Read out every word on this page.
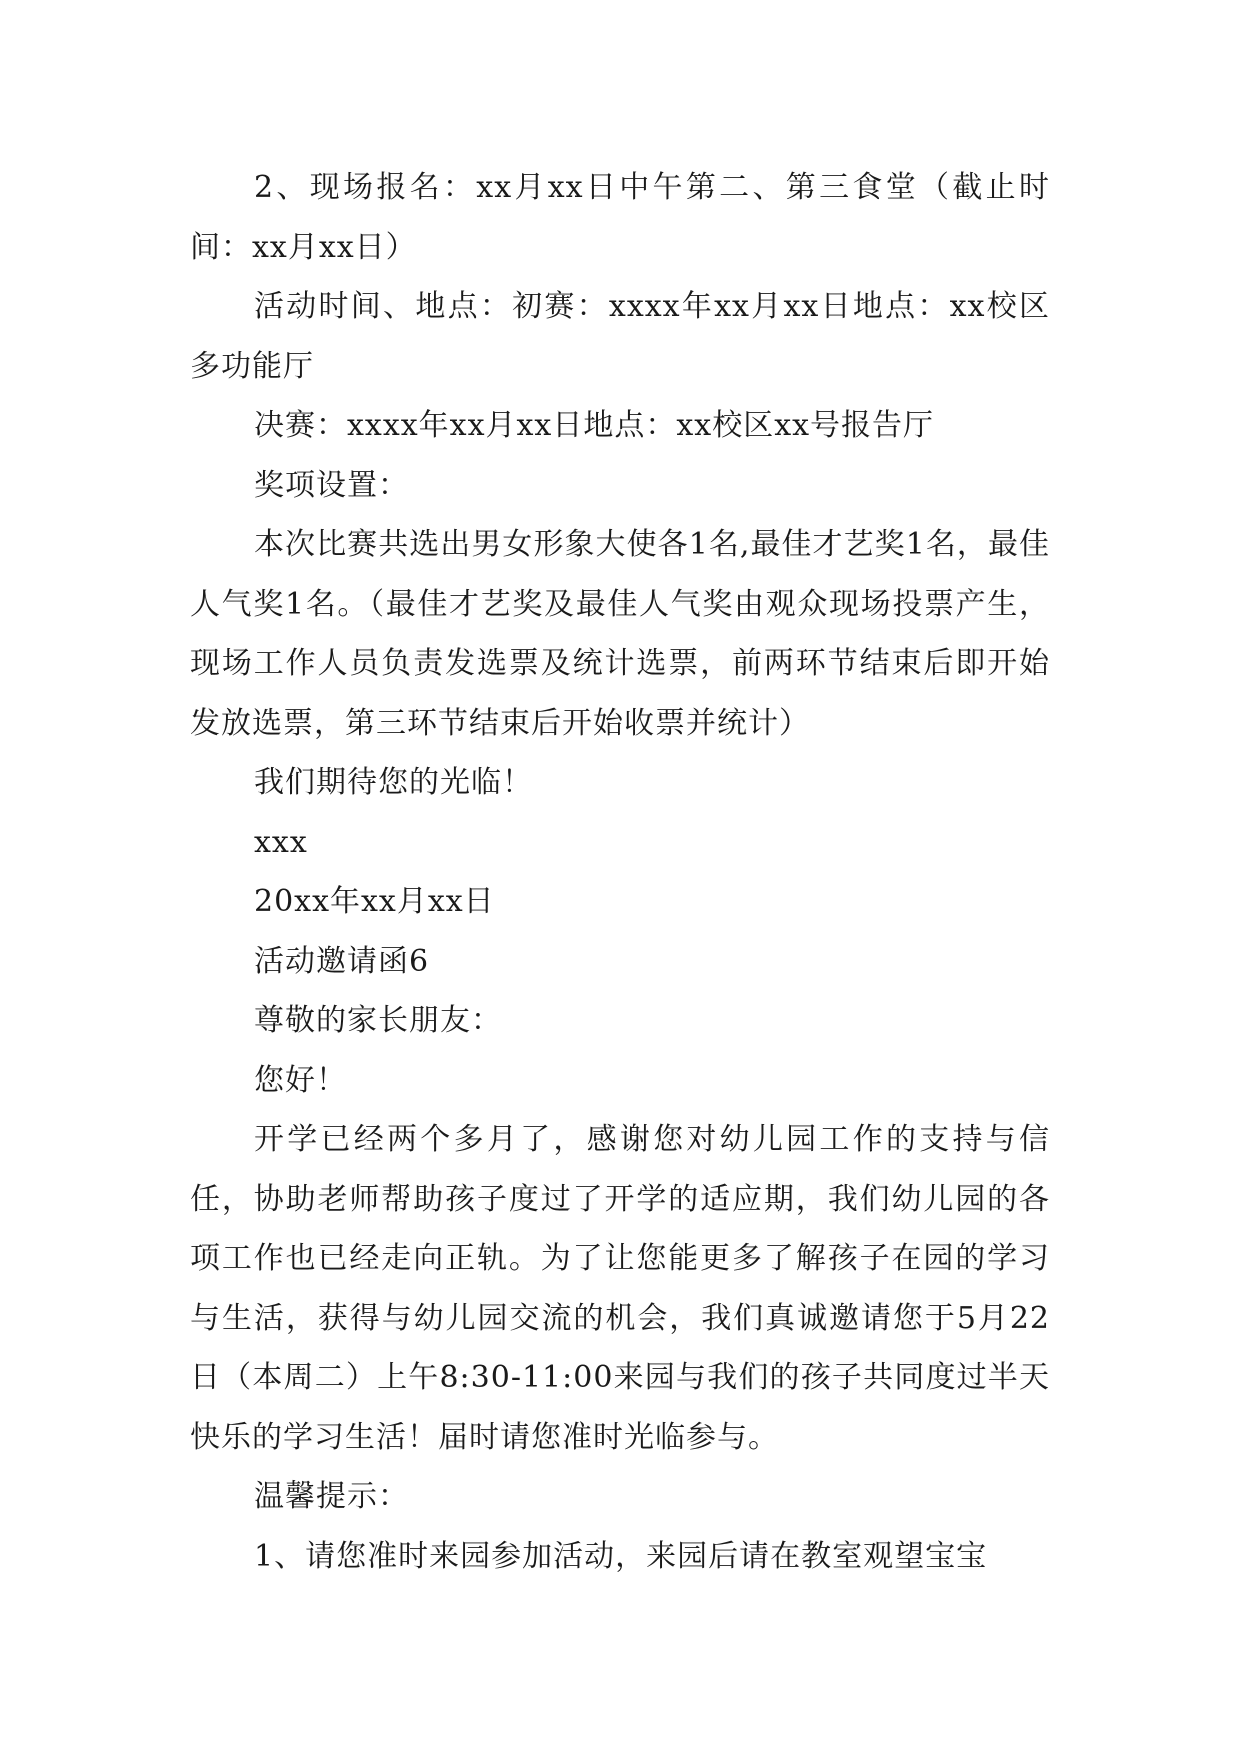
2、现场报名：xx月xx日中午第二、第三食堂（截止时间：xx月xx日）

活动时间、地点：初赛：xxxx年xx月xx日地点：xx校区多功能厅

决赛：xxxx年xx月xx日地点：xx校区xx号报告厅

奖项设置：

本次比赛共选出男女形象大使各1名,最佳才艺奖1名，最佳人气奖1名。（最佳才艺奖及最佳人气奖由观众现场投票产生，现场工作人员负责发选票及统计选票，前两环节结束后即开始发放选票，第三环节结束后开始收票并统计）

我们期待您的光临！

xxx

20xx年xx月xx日

活动邀请函6

尊敬的家长朋友：

您好！

开学已经两个多月了，感谢您对幼儿园工作的支持与信任，协助老师帮助孩子度过了开学的适应期，我们幼儿园的各项工作也已经走向正轨。为了让您能更多了解孩子在园的学习与生活，获得与幼儿园交流的机会，我们真诚邀请您于5月22日（本周二）上午8:30-11:00来园与我们的孩子共同度过半天快乐的学习生活！届时请您准时光临参与。

温馨提示：

1、请您准时来园参加活动，来园后请在教室观望宝宝
